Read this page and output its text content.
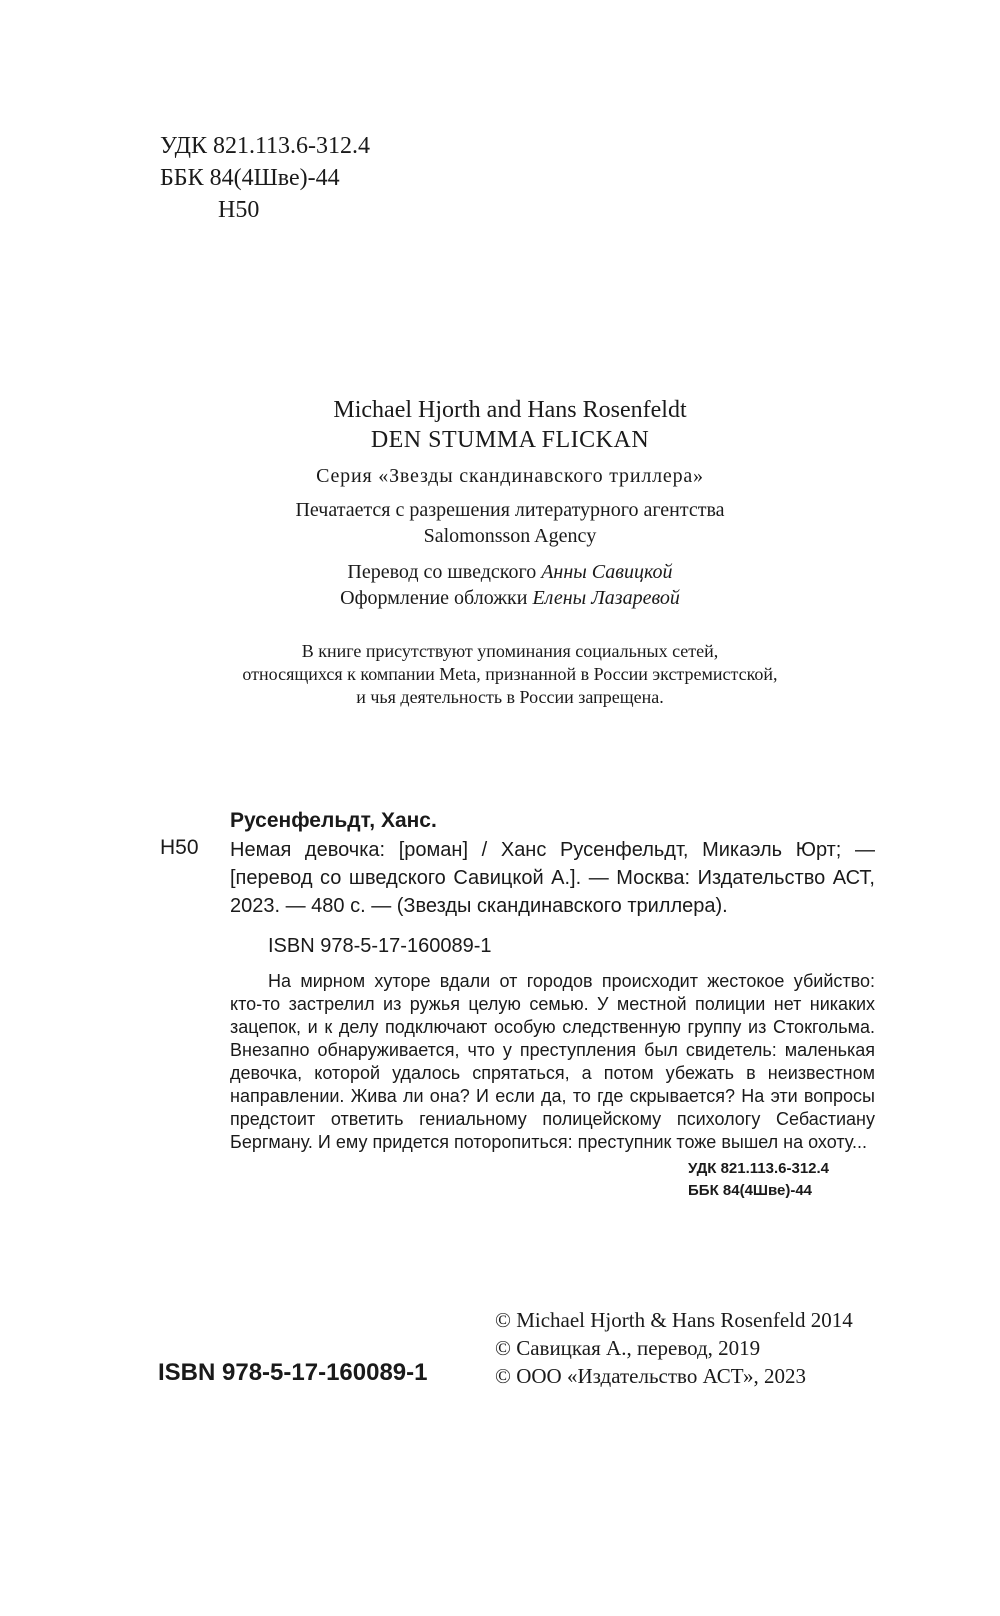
УДК 821.113.6-312.4
ББК 84(4Шве)-44
Н50
Michael Hjorth and Hans Rosenfeldt
DEN STUMMA FLICKAN
Серия «Звезды скандинавского триллера»
Печатается с разрешения литературного агентства
Salomonsson Agency
Перевод со шведского Анны Савицкой
Оформление обложки Елены Лазаревой
В книге присутствуют упоминания социальных сетей,
относящихся к компании Meta, признанной в России экстремистской,
и чья деятельность в России запрещена.
Н50
Русенфельдт, Ханс.
Немая девочка: [роман] / Ханс Русенфельдт, Микаэль Юрт; — [перевод со шведского Савицкой А.]. — Москва: Издательство АСТ, 2023. — 480 с. — (Звезды скандинавского триллера).
ISBN 978-5-17-160089-1
На мирном хуторе вдали от городов происходит жестокое убийство: кто-то застрелил из ружья целую семью. У местной полиции нет никаких зацепок, и к делу подключают особую следственную группу из Стокгольма. Внезапно обнаруживается, что у преступления был свидетель: маленькая девочка, которой удалось спрятаться, а потом убежать в неизвестном направлении. Жива ли она? И если да, то где скрывается? На эти вопросы предстоит ответить гениальному полицейскому психологу Себастиану Бергману. И ему придется поторопиться: преступник тоже вышел на охоту...
УДК 821.113.6-312.4
ББК 84(4Шве)-44
ISBN 978-5-17-160089-1
© Michael Hjorth & Hans Rosenfeld 2014
© Савицкая А., перевод, 2019
© ООО «Издательство АСТ», 2023
